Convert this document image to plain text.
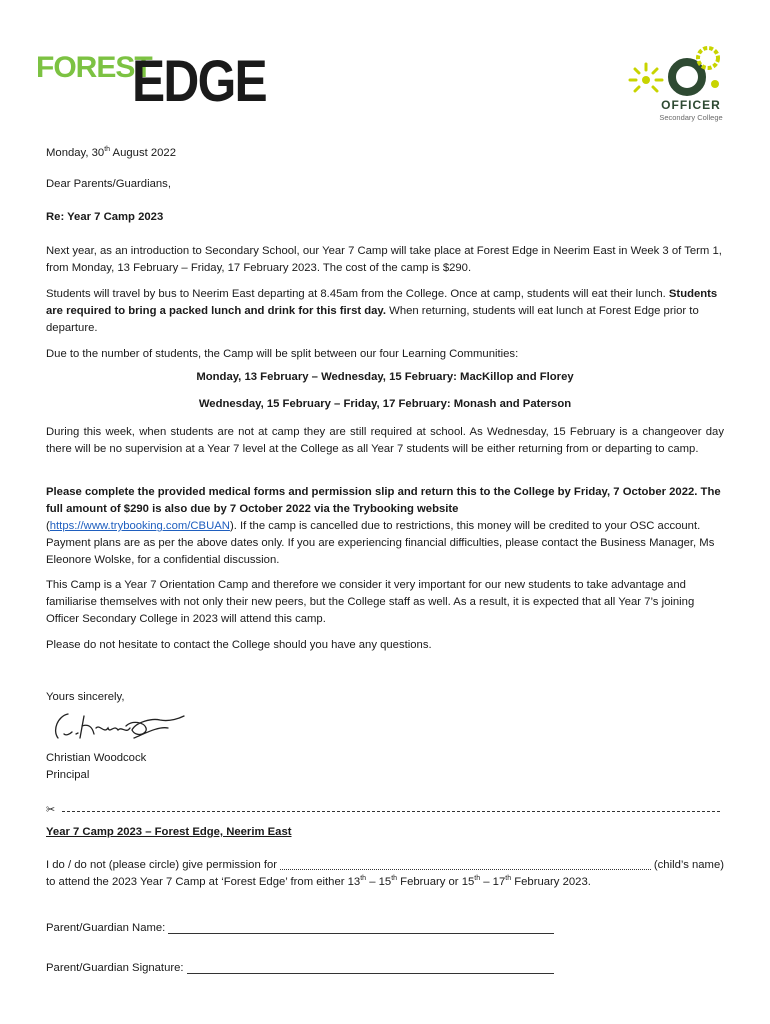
FOREST
EDGE	OFFICER
Secondary College

Monday, 30th August 2022

Dear Parents/Guardians,

Re: Year 7 Camp 2023

Next year, as an introduction to Secondary School, our Year 7 Camp will take place at Forest Edge in Neerim East in Week 3 of Term 1, from Monday, 13 February – Friday, 17 February 2023. The cost of the camp is $290.

Students will travel by bus to Neerim East departing at 8.45am from the College. Once at camp, students will eat their lunch. Students are required to bring a packed lunch and drink for this first day. When returning, students will eat lunch at Forest Edge prior to departure.

Due to the number of students, the Camp will be split between our four Learning Communities:

Monday, 13 February – Wednesday, 15 February: MacKillop and Florey

Wednesday, 15 February – Friday, 17 February: Monash and Paterson

During this week, when students are not at camp they are still required at school. As Wednesday, 15 February is a changeover day there will be no supervision at a Year 7 level at the College as all Year 7 students will be either returning from or departing to camp.

Please complete the provided medical forms and permission slip and return this to the College by Friday, 7 October 2022. The full amount of $290 is also due by 7 October 2022 via the Trybooking website
(https://www.trybooking.com/CBUAN). If the camp is cancelled due to restrictions, this money will be credited to your OSC account. Payment plans are as per the above dates only. If you are experiencing financial difficulties, please contact the Business Manager, Ms Eleonore Wolske, for a confidential discussion.

This Camp is a Year 7 Orientation Camp and therefore we consider it very important for our new students to take advantage and familiarise themselves with not only their new peers, but the College staff as well. As a result, it is expected that all Year 7’s joining Officer Secondary College in 2023 will attend this camp.

Please do not hesitate to contact the College should you have any questions.

Yours sincerely,

Christian Woodcock

Principal

✂

Year 7 Camp 2023 – Forest Edge, Neerim East

I do / do not (please circle) give permission for	(child’s name)
to attend the 2023 Year 7 Camp at ‘Forest Edge’ from either 13th – 15th February or 15th – 17th February 2023.
Parent/Guardian Name:
Parent/Guardian Signature:
